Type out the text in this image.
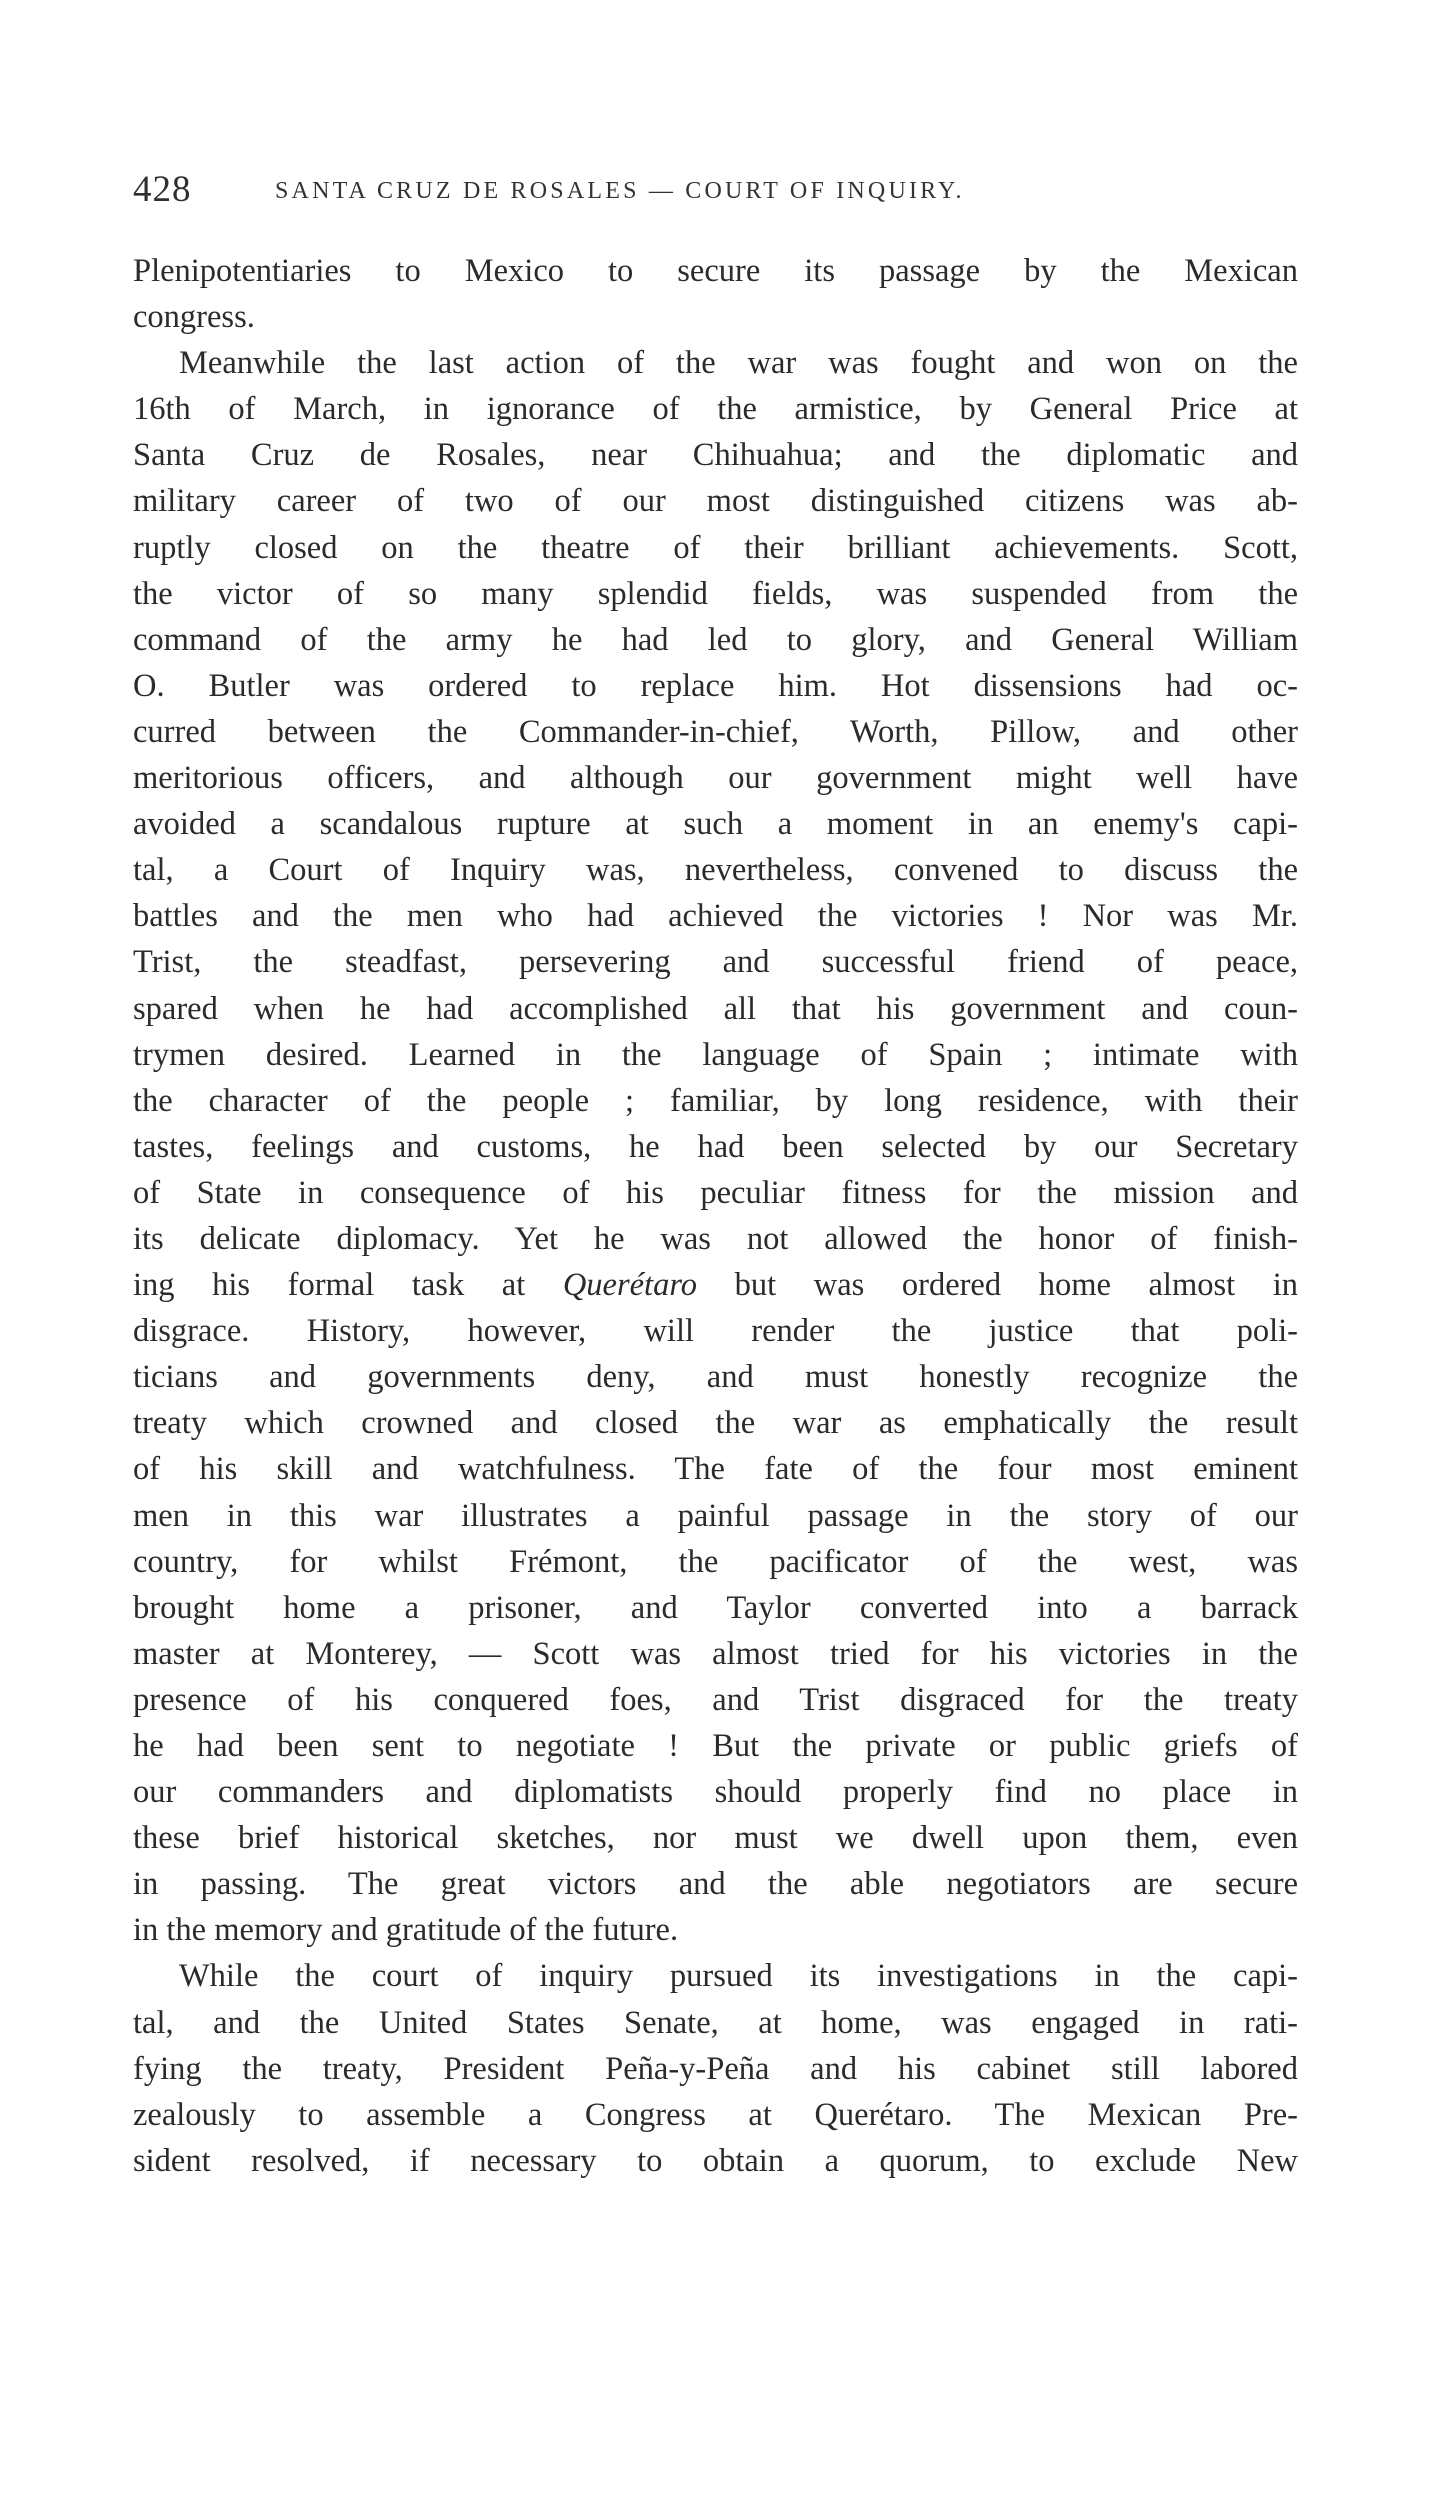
428	SANTA CRUZ DE ROSALES — COURT OF INQUIRY.

Plenipotentiaries to Mexico to secure its passage by the Mexican
congress.

Meanwhile the last action of the war was fought and won on the
16th of March, in ignorance of the armistice, by General Price at
Santa Cruz de Rosales, near Chihuahua; and the diplomatic and
military career of two of our most distinguished citizens was ab-
ruptly closed on the theatre of their brilliant achievements. Scott,
the victor of so many splendid fields, was suspended from the
command of the army he had led to glory, and General William
O. Butler was ordered to replace him. Hot dissensions had oc-
curred between the Commander-in-chief, Worth, Pillow, and other
meritorious officers, and although our government might well have
avoided a scandalous rupture at such a moment in an enemy's capi-
tal, a Court of Inquiry was, nevertheless, convened to discuss the
battles and the men who had achieved the victories ! Nor was Mr.
Trist, the steadfast, persevering and successful friend of peace,
spared when he had accomplished all that his government and coun-
trymen desired. Learned in the language of Spain ; intimate with
the character of the people ; familiar, by long residence, with their
tastes, feelings and customs, he had been selected by our Secretary
of State in consequence of his peculiar fitness for the mission and
its delicate diplomacy. Yet he was not allowed the honor of finish-
ing his formal task at Querétaro but was ordered home almost in
disgrace. History, however, will render the justice that poli-
ticians and governments deny, and must honestly recognize the
treaty which crowned and closed the war as emphatically the result
of his skill and watchfulness. The fate of the four most eminent
men in this war illustrates a painful passage in the story of our
country, for whilst Frémont, the pacificator of the west, was
brought home a prisoner, and Taylor converted into a barrack
master at Monterey, — Scott was almost tried for his victories in the
presence of his conquered foes, and Trist disgraced for the treaty
he had been sent to negotiate ! But the private or public griefs of
our commanders and diplomatists should properly find no place in
these brief historical sketches, nor must we dwell upon them, even
in passing. The great victors and the able negotiators are secure
in the memory and gratitude of the future.

While the court of inquiry pursued its investigations in the capi-
tal, and the United States Senate, at home, was engaged in rati-
fying the treaty, President Peña-y-Peña and his cabinet still labored
zealously to assemble a Congress at Querétaro. The Mexican Pre-
sident resolved, if necessary to obtain a quorum, to exclude New
